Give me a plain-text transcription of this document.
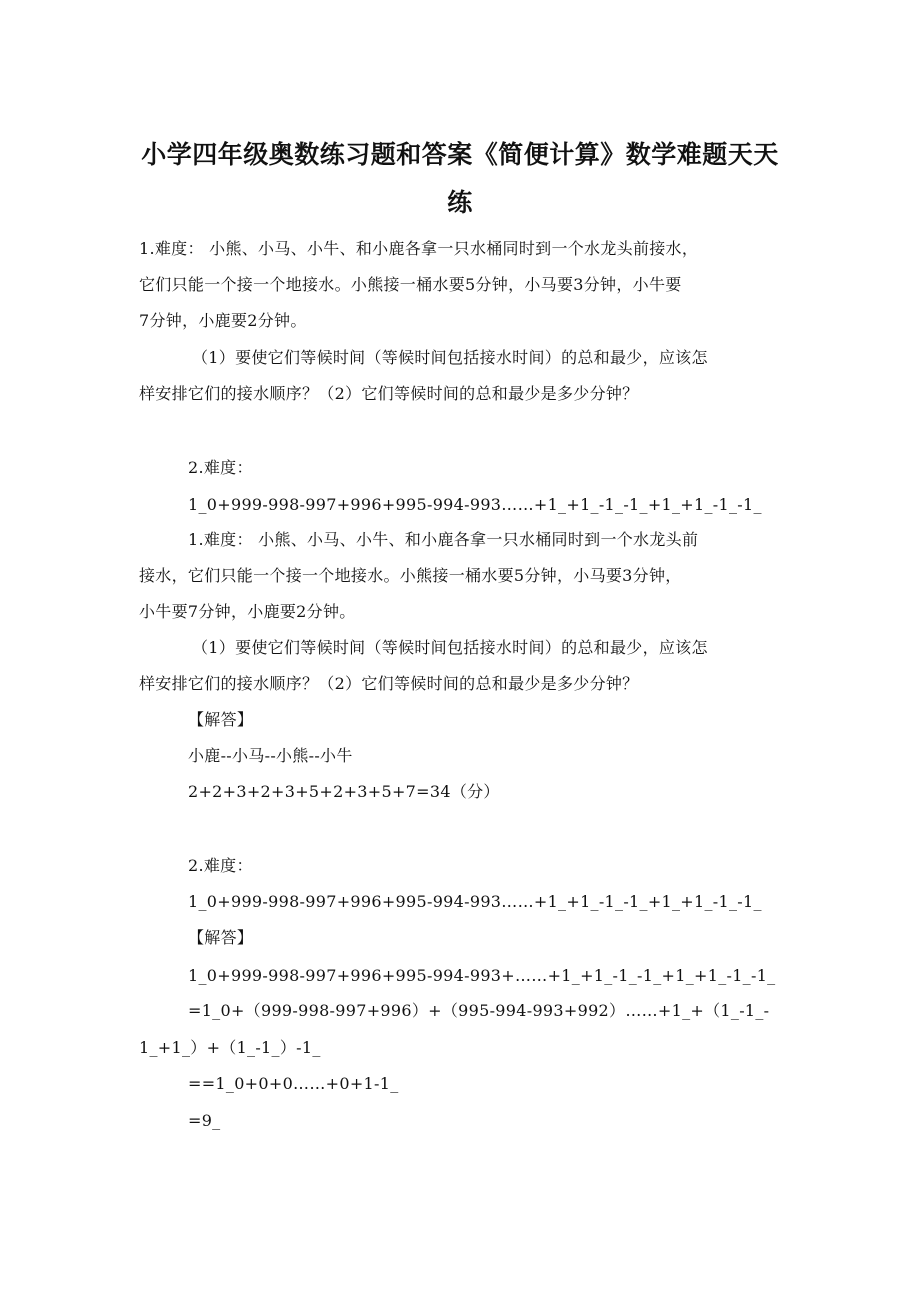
小学四年级奥数练习题和答案《简便计算》数学难题天天
练
1.难度： 小熊、小马、小牛、和小鹿各拿一只水桶同时到一个水龙头前接水，
它们只能一个接一个地接水。小熊接一桶水要5分钟，小马要3分钟，小牛要
7分钟，小鹿要2分钟。
（1）要使它们等候时间（等候时间包括接水时间）的总和最少，应该怎
样安排它们的接水顺序？（2）它们等候时间的总和最少是多少分钟？
2.难度：
1_0+999-998-997+996+995-994-993……+1_+1_-1_-1_+1_+1_-1_-1_
1.难度： 小熊、小马、小牛、和小鹿各拿一只水桶同时到一个水龙头前
接水，它们只能一个接一个地接水。小熊接一桶水要5分钟，小马要3分钟，
小牛要7分钟，小鹿要2分钟。
（1）要使它们等候时间（等候时间包括接水时间）的总和最少，应该怎
样安排它们的接水顺序？（2）它们等候时间的总和最少是多少分钟？
【解答】
小鹿--小马--小熊--小牛
2+2+3+2+3+5+2+3+5+7=34（分）
2.难度：
1_0+999-998-997+996+995-994-993……+1_+1_-1_-1_+1_+1_-1_-1_
【解答】
1_0+999-998-997+996+995-994-993+……+1_+1_-1_-1_+1_+1_-1_-1_
=1_0+（999-998-997+996）+（995-994-993+992）……+1_+（1_-1_-
1_+1_）+（1_-1_）-1_
==1_0+0+0……+0+1-1_
=9_
